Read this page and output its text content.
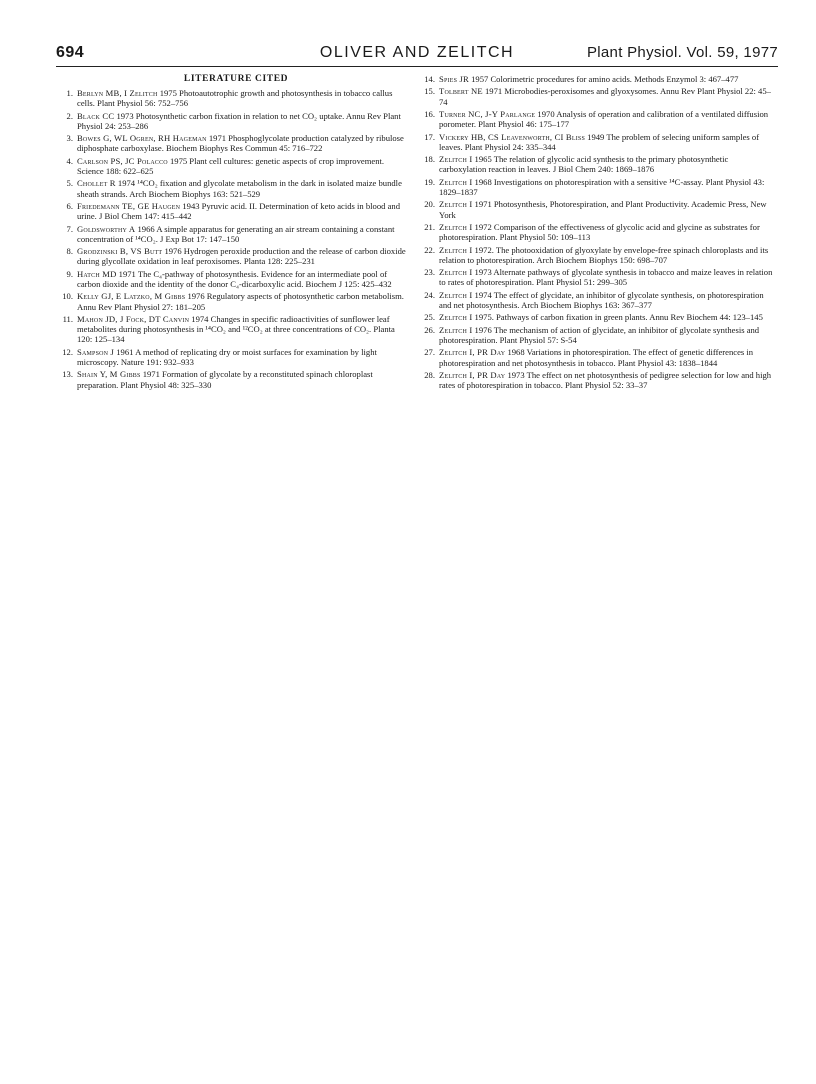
694	OLIVER AND ZELITCH	Plant Physiol. Vol. 59, 1977
LITERATURE CITED
1. Berlyn MB, I Zelitch 1975 Photoautotrophic growth and photosynthesis in tobacco callus cells. Plant Physiol 56: 752–756
2. Black CC 1973 Photosynthetic carbon fixation in relation to net CO₂ uptake. Annu Rev Plant Physiol 24: 253–286
3. Bowes G, WL Ogren, RH Hageman 1971 Phosphoglycolate production catalyzed by ribulose diphosphate carboxylase. Biochem Biophys Res Commun 45: 716–722
4. Carlson PS, JC Polacco 1975 Plant cell cultures: genetic aspects of crop improvement. Science 188: 622–625
5. Chollet R 1974 ¹⁴CO₂ fixation and glycolate metabolism in the dark in isolated maize bundle sheath strands. Arch Biochem Biophys 163: 521–529
6. Friedemann TE, GE Haugen 1943 Pyruvic acid. II. Determination of keto acids in blood and urine. J Biol Chem 147: 415–442
7. Goldsworthy A 1966 A simple apparatus for generating an air stream containing a constant concentration of ¹⁴CO₂. J Exp Bot 17: 147–150
8. Grodzinski B, VS Butt 1976 Hydrogen peroxide production and the release of carbon dioxide during glycollate oxidation in leaf peroxisomes. Planta 128: 225–231
9. Hatch MD 1971 The C₄-pathway of photosynthesis. Evidence for an intermediate pool of carbon dioxide and the identity of the donor C₄-dicarboxylic acid. Biochem J 125: 425–432
10. Kelly GJ, E Latzko, M Gibbs 1976 Regulatory aspects of photosynthetic carbon metabolism. Annu Rev Plant Physiol 27: 181–205
11. Mahon JD, J Fock, DT Canvin 1974 Changes in specific radioactivities of sunflower leaf metabolites during photosynthesis in ¹⁴CO₂ and ¹²CO₂ at three concentrations of CO₂. Planta 120: 125–134
12. Sampson J 1961 A method of replicating dry or moist surfaces for examination by light microscopy. Nature 191: 932–933
13. Shain Y, M Gibbs 1971 Formation of glycolate by a reconstituted spinach chloroplast preparation. Plant Physiol 48: 325–330
14. Spies JR 1957 Colorimetric procedures for amino acids. Methods Enzymol 3: 467–477
15. Tolbert NE 1971 Microbodies-peroxisomes and glyoxysomes. Annu Rev Plant Physiol 22: 45–74
16. Turner NC, J-Y Parlange 1970 Analysis of operation and calibration of a ventilated diffusion porometer. Plant Physiol 46: 175–177
17. Vickery HB, CS Leavenworth, CI Bliss 1949 The problem of selecing uniform samples of leaves. Plant Physiol 24: 335–344
18. Zelitch I 1965 The relation of glycolic acid synthesis to the primary photosynthetic carboxylation reaction in leaves. J Biol Chem 240: 1869–1876
19. Zelitch I 1968 Investigations on photorespiration with a sensitive ¹⁴C-assay. Plant Physiol 43: 1829–1837
20. Zelitch I 1971 Photosynthesis, Photorespiration, and Plant Productivity. Academic Press, New York
21. Zelitch I 1972 Comparison of the effectiveness of glycolic acid and glycine as substrates for photorespiration. Plant Physiol 50: 109–113
22. Zelitch I 1972. The photooxidation of glyoxylate by envelope-free spinach chloroplasts and its relation to photorespiration. Arch Biochem Biophys 150: 698–707
23. Zelitch I 1973 Alternate pathways of glycolate synthesis in tobacco and maize leaves in relation to rates of photorespiration. Plant Physiol 51: 299–305
24. Zelitch I 1974 The effect of glycidate, an inhibitor of glycolate synthesis, on photorespiration and net photosynthesis. Arch Biochem Biophys 163: 367–377
25. Zelitch I 1975. Pathways of carbon fixation in green plants. Annu Rev Biochem 44: 123–145
26. Zelitch I 1976 The mechanism of action of glycidate, an inhibitor of glycolate synthesis and photorespiration. Plant Physiol 57: S-54
27. Zelitch I, PR Day 1968 Variations in photorespiration. The effect of genetic differences in photorespiration and net photosynthesis in tobacco. Plant Physiol 43: 1838–1844
28. Zelitch I, PR Day 1973 The effect on net photosynthesis of pedigree selection for low and high rates of photorespiration in tobacco. Plant Physiol 52: 33–37
